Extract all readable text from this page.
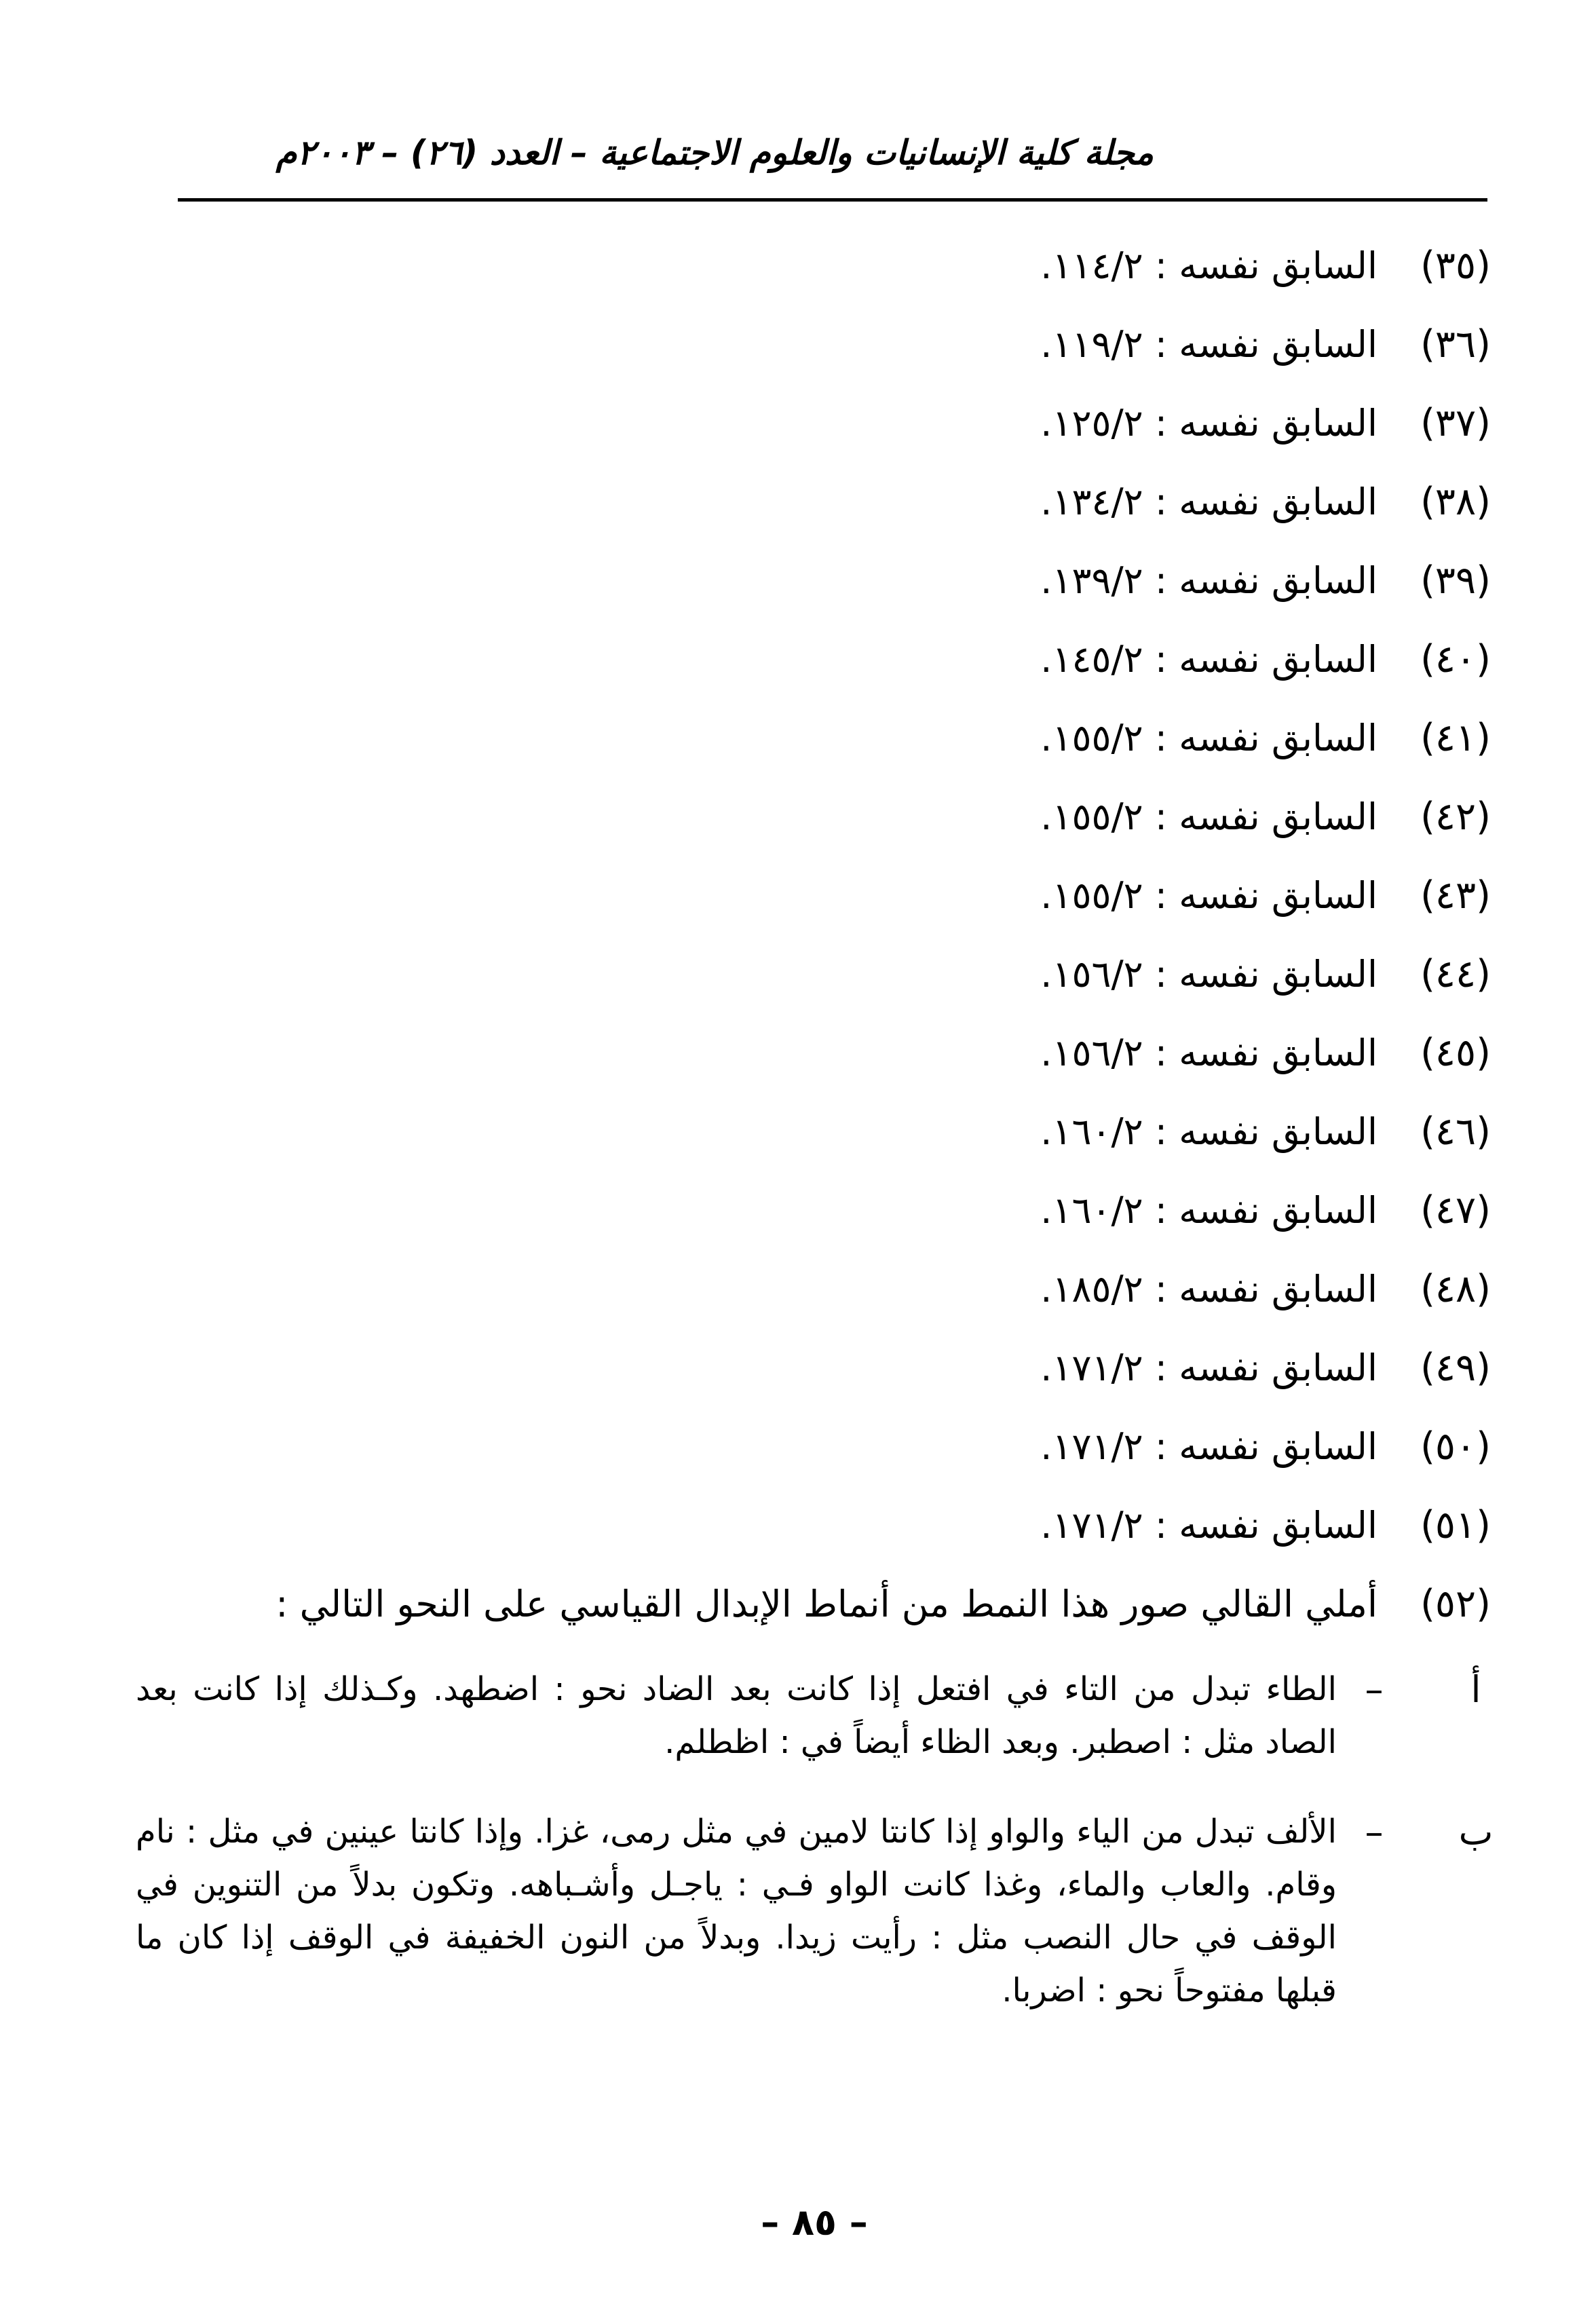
مجلة كلية الإنسانيات والعلوم الاجتماعية – العدد (٢٦) – ٢٠٠٣م
(٣٥)
السابق نفسه : ١١٤/٢.
(٣٦)
السابق نفسه : ١١٩/٢.
(٣٧)
السابق نفسه : ١٢٥/٢.
(٣٨)
السابق نفسه : ١٣٤/٢.
(٣٩)
السابق نفسه : ١٣٩/٢.
(٤٠)
السابق نفسه : ١٤٥/٢.
(٤١)
السابق نفسه : ١٥٥/٢.
(٤٢)
السابق نفسه : ١٥٥/٢.
(٤٣)
السابق نفسه : ١٥٥/٢.
(٤٤)
السابق نفسه : ١٥٦/٢.
(٤٥)
السابق نفسه : ١٥٦/٢.
(٤٦)
السابق نفسه : ١٦٠/٢.
(٤٧)
السابق نفسه : ١٦٠/٢.
(٤٨)
السابق نفسه : ١٨٥/٢.
(٤٩)
السابق نفسه : ١٧١/٢.
(٥٠)
السابق نفسه : ١٧١/٢.
(٥١)
السابق نفسه : ١٧١/٢.
(٥٢)
أملي القالي صور هذا النمط من أنماط الإبدال القياسي على النحو التالي :
أ
–
الطاء تبدل من التاء في افتعل إذا كانت بعد الضاد نحو : اضطهد. وكـذلك إذا كانت بعد الصاد مثل : اصطبر. وبعد الظاء أيضاً في : اظطلم.
ب
–
الألف تبدل من الياء والواو إذا كانتا لامين في مثل رمى، غزا. وإذا كانتا عينين في مثل : نام وقام. والعاب والماء، وغذا كانت الواو فـي : ياجـل وأشـباهه. وتكون بدلاً من التنوين في الوقف في حال النصب مثل : رأيت زيدا. وبدلاً من النون الخفيفة في الوقف إذا كان ما قبلها مفتوحاً نحو : اضربا.
– ٨٥ –
